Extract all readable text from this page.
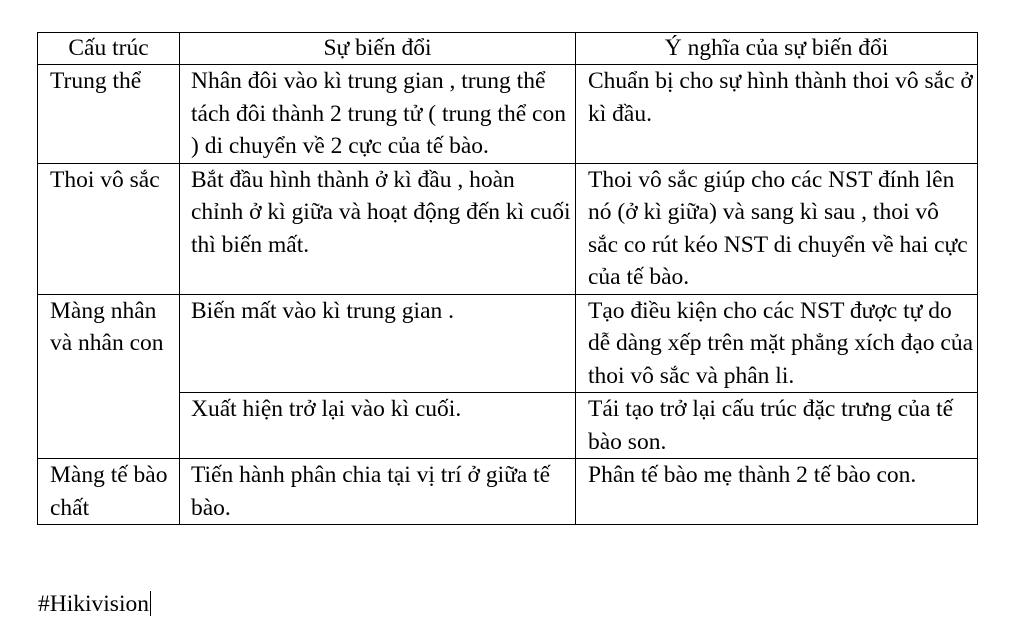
Cấu trúc	Sự biến đổi	Ý nghĩa của sự biến đổi
Trung thể	Nhân đôi vào kì trung gian , trung thể tách đôi thành 2 trung tử ( trung thể con ) di chuyển về 2 cực của tế bào.	Chuẩn bị cho sự hình thành thoi vô sắc ở kì đầu.
Thoi vô sắc	Bắt đầu hình thành ở kì đầu , hoàn chỉnh ở kì giữa và hoạt động đến kì cuối thì biến mất.	Thoi vô sắc giúp cho các NST đính lên nó (ở kì giữa) và sang kì sau , thoi vô sắc co rút kéo NST di chuyển về hai cực của tế bào.
Màng nhân và nhân con	Biến mất vào kì trung gian .	Tạo điều kiện cho các NST được tự do dễ dàng xếp trên mặt phẳng xích đạo của thoi vô sắc và phân li.
	Xuất hiện trở lại vào kì cuối.	Tái tạo trở lại cấu trúc đặc trưng của tế bào son.
Màng tế bào chất	Tiến hành phân chia tại vị trí ở giữa tế bào.	Phân tế bào mẹ thành 2 tế bào con.
#Hikivision
